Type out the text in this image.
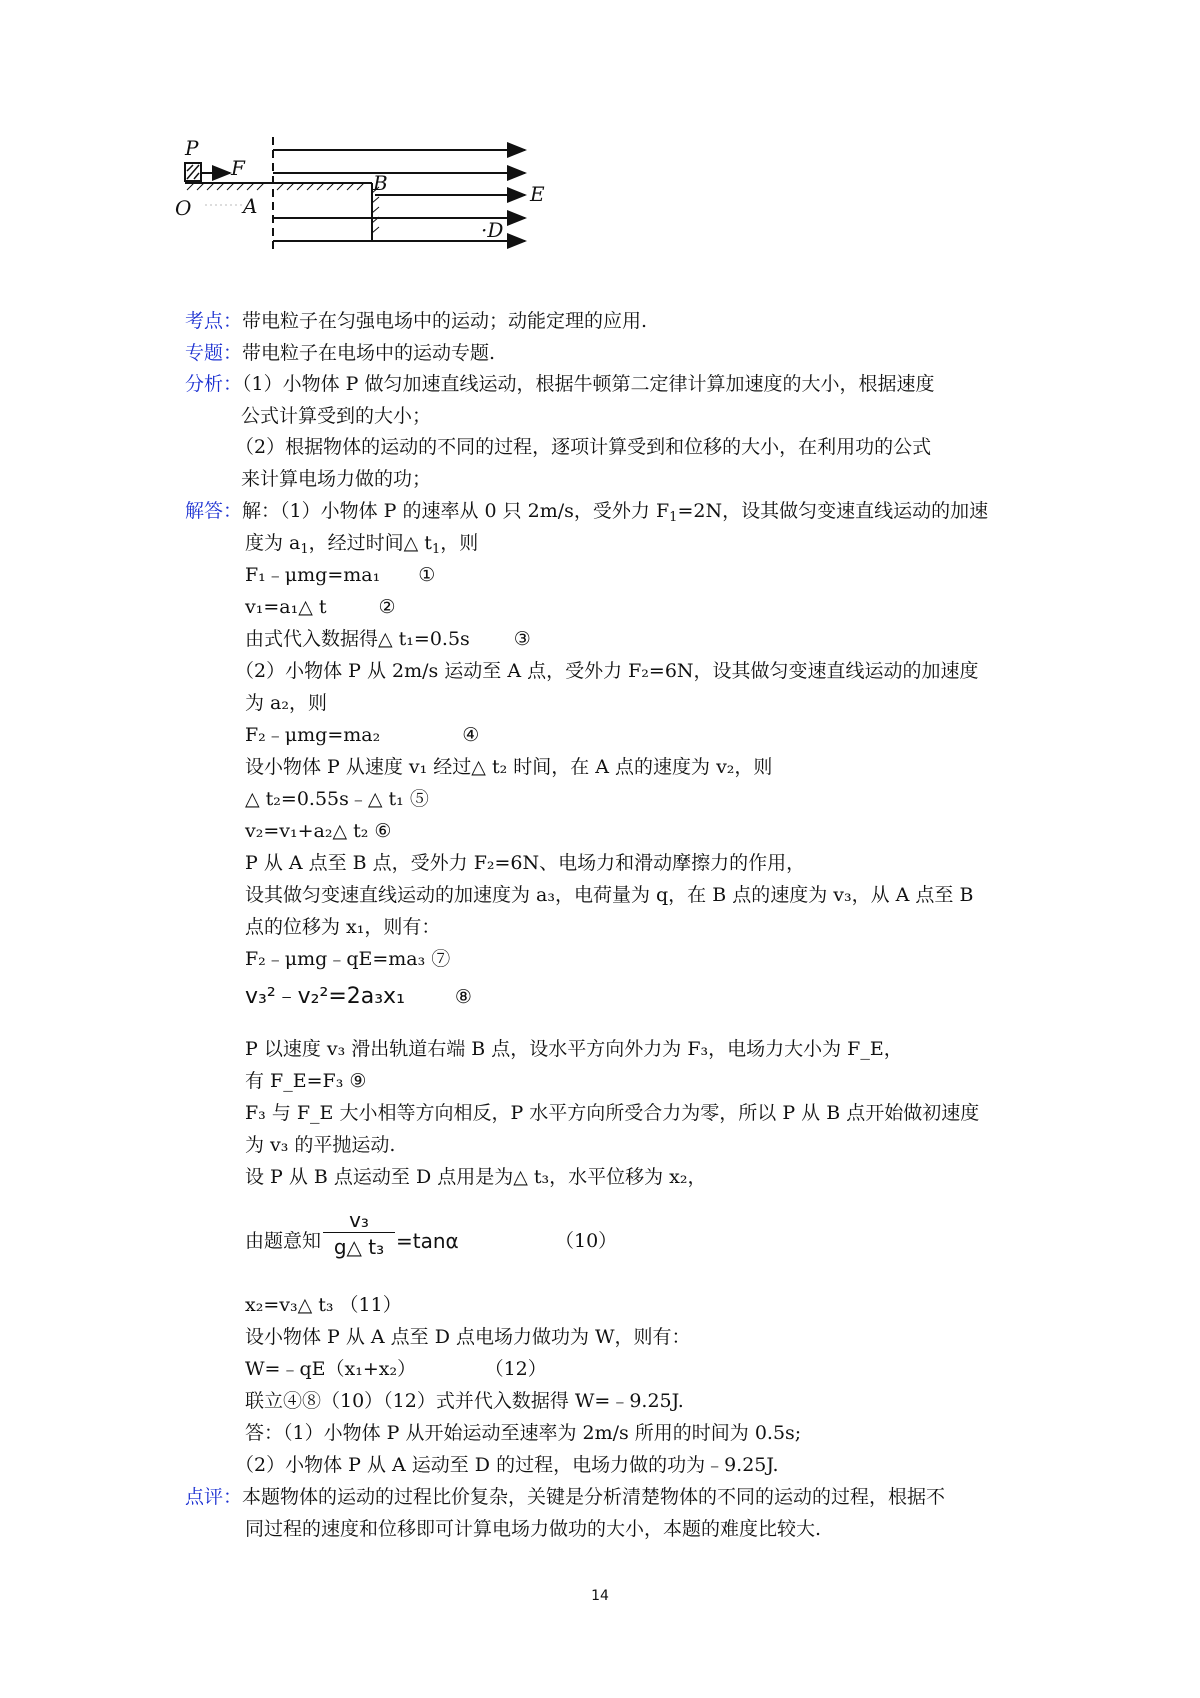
P
F
O	A
B	E
·D
考点：带电粒子在匀强电场中的运动；动能定理的应用.
专题：带电粒子在电场中的运动专题.
分析：（1）小物体 P 做匀加速直线运动，根据牛顿第二定律计算加速度的大小，根据速度
公式计算受到的大小；
（2）根据物体的运动的不同的过程，逐项计算受到和位移的大小，在利用功的公式
来计算电场力做的功；
解答：解：（1）小物体 P 的速率从 0 只 2m/s，受外力 $F_1=2N$，设其做匀变速直线运动的加速
度为 $a_1$，经过时间△ $t_1$，则
F₁﹣μmg=ma₁ ①
v₁=a₁△ t	②
由式代入数据得△ t₁=0.5s ③
（2）小物体 P 从 2m/s 运动至 A 点，受外力 F₂=6N，设其做匀变速直线运动的加速度
为 a₂，则
F₂﹣μmg=ma₂	④
设小物体 P 从速度 v₁ 经过△ t₂ 时间，在 A 点的速度为 v₂，则
△ t₂=0.55s﹣△ t₁ ⑤
v₂=v₁+a₂△ t₂ ⑥
P 从 A 点至 B 点，受外力 F₂=6N、电场力和滑动摩擦力的作用，
设其做匀变速直线运动的加速度为 a₃，电荷量为 q，在 B 点的速度为 v₃，从 A 点至 B
点的位移为 x₁，则有：
F₂﹣μmg﹣qE=ma₃ ⑦
v₃²﹣v₂²=2a₃x₁	⑧
P 以速度 v₃ 滑出轨道右端 B 点，设水平方向外力为 F₃，电场力大小为 F_E，
有 F_E=F₃ ⑨
F₃ 与 F_E 大小相等方向相反，P 水平方向所受合力为零，所以 P 从 B 点开始做初速度
为 v₃ 的平抛运动.
设 P 从 B 点运动至 D 点用是为△ t₃，水平位移为 x₂，
由题意知 $\frac{\text{v₃}}{\text{g△ t₃}} =\tan\alpha$	（10）
x₂=v₃△ t₃ （11）
设小物体 P 从 A 点至 D 点电场力做功为 W，则有：
W=﹣qE（x₁+x₂）	（12）
联立④⑧（10）（12）式并代入数据得 W=﹣9.25J.
答：（1）小物体 P 从开始运动至速率为 2m/s 所用的时间为 0.5s;
（2）小物体 P 从 A 运动至 D 的过程，电场力做的功为﹣9.25J.
点评：本题物体的运动的过程比价复杂，关键是分析清楚物体的不同的运动的过程，根据不
同过程的速度和位移即可计算电场力做功的大小，本题的难度比较大.
14
